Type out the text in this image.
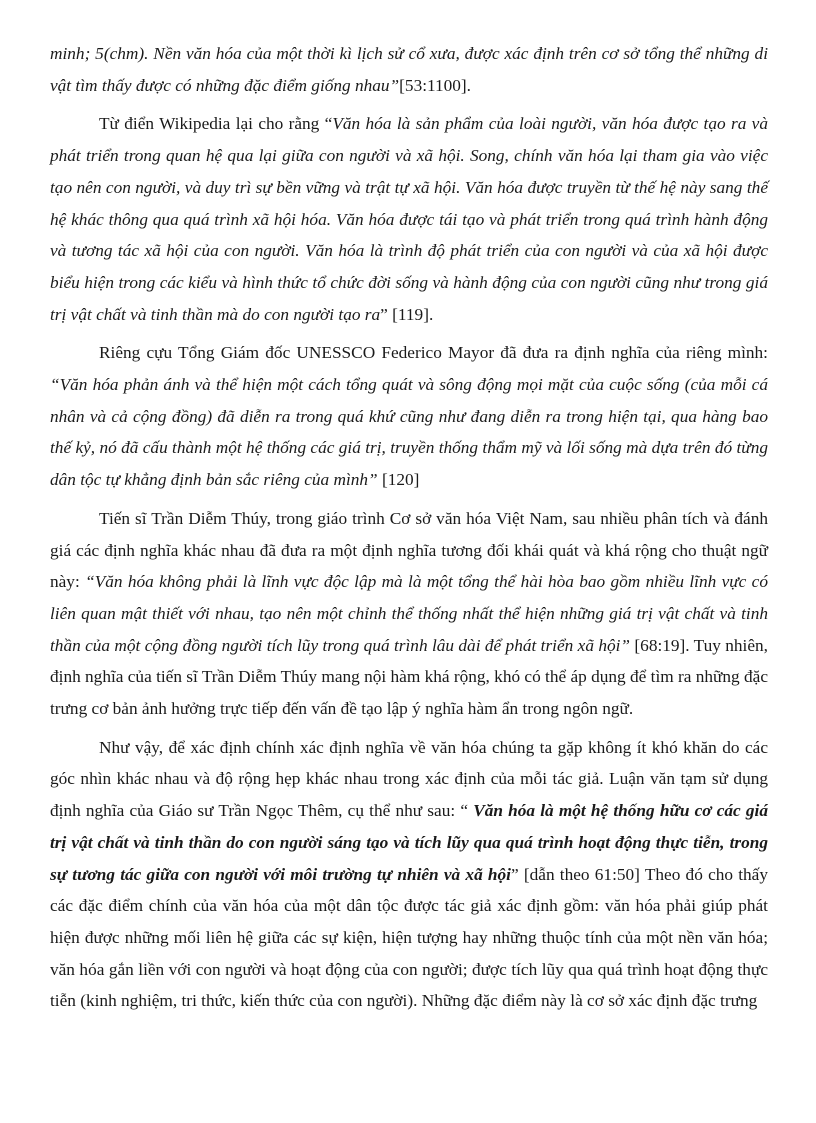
minh; 5(chm). Nền văn hóa của một thời kì lịch sử cổ xưa, được xác định trên cơ sở tổng thể những di vật tìm thấy được có những đặc điểm giống nhau”[53:1100].

Từ điển Wikipedia lại cho rằng “Văn hóa là sản phẩm của loài người, văn hóa được tạo ra và phát triển trong quan hệ qua lại giữa con người và xã hội. Song, chính văn hóa lại tham gia vào việc tạo nên con người, và duy trì sự bền vững và trật tự xã hội. Văn hóa được truyền từ thế hệ này sang thế hệ khác thông qua quá trình xã hội hóa. Văn hóa được tái tạo và phát triển trong quá trình hành động và tương tác xã hội của con người. Văn hóa là trình độ phát triển của con người và của xã hội được biểu hiện trong các kiểu và hình thức tổ chức đời sống và hành động của con người cũng như trong giá trị vật chất và tinh thần mà do con người tạo ra” [119].

Riêng cựu Tổng Giám đốc UNESSCO Federico Mayor đã đưa ra định nghĩa của riêng mình: “Văn hóa phản ánh và thể hiện một cách tổng quát và sông động mọi mặt của cuộc sống (của mỗi cá nhân và cả cộng đồng) đã diễn ra trong quá khứ cũng như đang diễn ra trong hiện tại, qua hàng bao thế kỷ, nó đã cấu thành một hệ thống các giá trị, truyền thống thẩm mỹ và lối sống mà dựa trên đó từng dân tộc tự khẳng định bản sắc riêng của mình” [120]

Tiến sĩ Trần Diễm Thúy, trong giáo trình Cơ sở văn hóa Việt Nam, sau nhiều phân tích và đánh giá các định nghĩa khác nhau đã đưa ra một định nghĩa tương đối khái quát và khá rộng cho thuật ngữ này: “Văn hóa không phải là lĩnh vực độc lập mà là một tổng thể hài hòa bao gồm nhiều lĩnh vực có liên quan mật thiết với nhau, tạo nên một chỉnh thể thống nhất thể hiện những giá trị vật chất và tinh thần của một cộng đồng người tích lũy trong quá trình lâu dài để phát triển xã hội” [68:19]. Tuy nhiên, định nghĩa của tiến sĩ Trần Diễm Thúy mang nội hàm khá rộng, khó có thể áp dụng để tìm ra những đặc trưng cơ bản ảnh hưởng trực tiếp đến vấn đề tạo lập ý nghĩa hàm ẩn trong ngôn ngữ.

Như vậy, để xác định chính xác định nghĩa về văn hóa chúng ta gặp không ít khó khăn do các góc nhìn khác nhau và độ rộng hẹp khác nhau trong xác định của mỗi tác giả. Luận văn tạm sử dụng định nghĩa của Giáo sư Trần Ngọc Thêm, cụ thể như sau: “ Văn hóa là một hệ thống hữu cơ các giá trị vật chất và tinh thần do con người sáng tạo và tích lũy qua quá trình hoạt động thực tiễn, trong sự tương tác giữa con người với môi trường tự nhiên và xã hội” [dẫn theo 61:50] Theo đó cho thấy các đặc điểm chính của văn hóa của một dân tộc được tác giả xác định gồm: văn hóa phải giúp phát hiện được những mối liên hệ giữa các sự kiện, hiện tượng hay những thuộc tính của một nền văn hóa; văn hóa gắn liền với con người và hoạt động của con người; được tích lũy qua quá trình hoạt động thực tiễn (kinh nghiệm, tri thức, kiến thức của con người). Những đặc điểm này là cơ sở xác định đặc trưng
